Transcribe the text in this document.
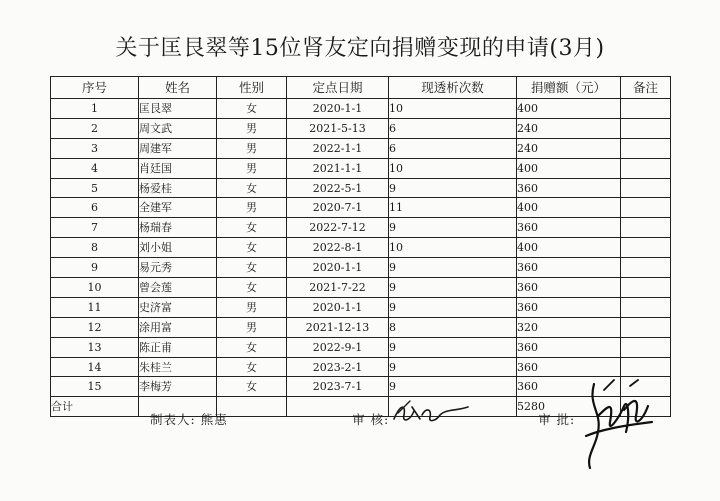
关于匡艮翠等15位肾友定向捐赠变现的申请(3月)
序号	姓名	性别	定点日期	现透析次数	捐赠额（元）	备注
1	匡艮翠	女	2020-1-1	10	400	
2	周文武	男	2021-5-13	6	240	
3	周建军	男	2022-1-1	6	240	
4	肖廷国	男	2021-1-1	10	400	
5	杨爱桂	女	2022-5-1	9	360	
6	全建军	男	2020-7-1	11	400	
7	杨瑞春	女	2022-7-12	9	360	
8	刘小姐	女	2022-8-1	10	400	
9	易元秀	女	2020-1-1	9	360	
10	曾会莲	女	2021-7-22	9	360	
11	史济富	男	2020-1-1	9	360	
12	涂用富	男	2021-12-13	8	320	
13	陈正甫	女	2022-9-1	9	360	
14	朱桂兰	女	2023-2-1	9	360	
15	李梅芳	女	2023-7-1	9	360	
合计					5280	
制表人: 熊惠	审 核:	审 批:
